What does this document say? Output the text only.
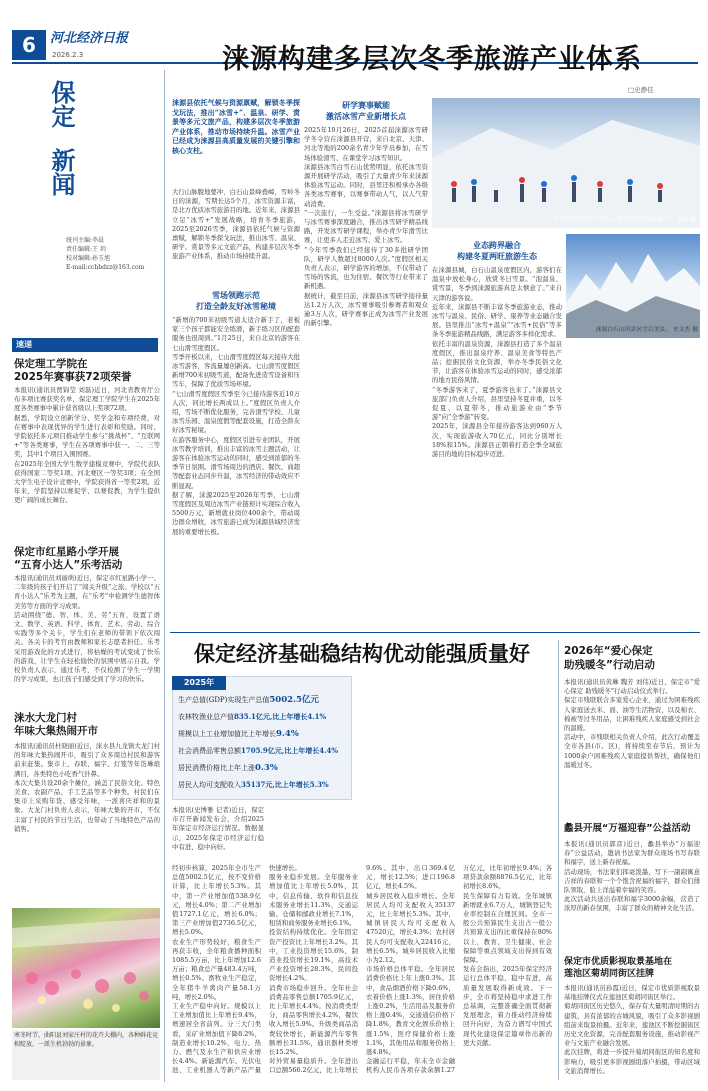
6	河北经济日报
2026.2.3
保定
新闻
统刊主编:李晨
责任编辑:王 玥
校对编辑:孙玉旭
E-mail:cchbdzz@163.com
速递
保定理工学院在
2025年赛事获72项荣誉
本报讯(通讯员贾锦莹 刘磊)近日，河北省教育厅公布多项比赛获奖名单，保定理工学院学生在2025年度各类赛事中累计获省级以上奖项72项。
据悉，学院设立创新学分、奖学金和专项经费，对在赛事中表现优异的学生进行表彰和奖励。同时，学院依托多元项目推动学生参与“挑战杯”、“互联网+”等各类赛事，学生在各项赛事中获一、二、三等奖，其中1个项目入围国赛。
在2025年全国大学生数学建模竞赛中，学院代表队获得国家二等奖1项、河北赛区一等奖3项；在全国大学生电子设计竞赛中，学院获得省一等奖2项。近年来，学院坚持以赛促学、以赛促教，为学生提供更广阔的成长舞台。
保定市红星路小学开展
“五育小达人”乐考活动
本报讯(通讯员刘丽萌)近日，保定市红星路小学一、二年级的孩子们开启了“闯关升级”之旅。学校以“五育小达人”乐考为主题，在“乐考”中检测学生德智体美劳等方面的学习成果。
活动围绕“德、智、体、美、劳”五育，设置了语文、数学、英语、科学、体育、艺术、劳动、综合实践等多个关卡，学生们在老师的带领下依次闯关。各关卡的考官由教师和家长志愿者担任。乐考采用游戏化的方式进行，将枯燥的考试变成了快乐的游戏，让学生在轻松愉快的氛围中展示自我。学校负责人表示，通过乐考，不仅检测了学生一学期的学习成果，也让孩子们感受到了学习的快乐。
涞水大龙门村
年味大集热闹开市
本报讯(通讯员杜晓丽)近日，涞水县九龙镇大龙门村的年味大集热闹开市，吸引了众多周边村民和游客前来赶集。集市上，春联、福字、灯笼等年货琳琅满目，各类特色小吃香气扑鼻。
本次大集共设20余个摊位，涵盖了民俗文化、特色美食、农副产品、手工艺品等多个种类。村民们在集市上采购年货、感受年味，一派喜庆祥和的景象。大龙门村负责人表示，年味大集的开市，不仅丰富了村民的节日生活，也带动了当地特色产品的销售。
寒冬时节，曲阳县刘家庄村的花卉大棚内，各种鲜花竞相绽放，一派生机勃勃的景象。
涞源构建多层次冬季旅游产业体系
□史静佳
涞源县依托气候与资源禀赋，解锁冬季探戈玩法，推出“冰雪+”、温泉、研学、赏景等多元文旅产品，构建多层次冬季旅游产业体系，推动市场持续升温。冰雪产业已经成为涞源县高质量发展的关键引擎和核心支柱。
大行山脉腹地要冲，白石山景峰叠嶂，雪岭冬日的涞源，雪期长达5个月，冰雪资源丰富，是北方优质冰雪旅游目的地。近年来，涞源县立足“冰雪+”发展战略，培育冬季旅游，2025至2026雪季，涞源县依托气候与资源禀赋，解锁冬季探戈玩法，推出冰雪、温泉、研学、赏景等多元文旅产品，构建多层次冬季旅游产业体系，推动市场持续升温。
雪场领跑示范
打造全龄友好冰雪秘境
“新增的700米初级雪道太适合新手了，老板家三个孩子都能安全练滑，新手练习区的配套服务也很周到。”1月25日，来自北京的游客在七山滑雪度假区。
雪季开板以来，七山滑雪度假区每天接待大批冰雪游客，客流量屡创新高。七山滑雪度假区新增700米初级雪道，配备先进造雪设备和压雪车，保障了优质雪场环境。
“七山滑雪度假区雪季至今已接待游客近10万人次，同比增长两成以上。”度假区负责人介绍，雪场不断优化服务，完善滑雪学校、儿童冰雪乐园、温泉度假等配套设施，打造全龄友好冰雪秘境。
在游客服务中心，度假区引进专业团队，开展冰雪教学培训，推出丰富的冰雪主题活动，让游客在体验冰雪运动的同时，感受到浓郁的冬季节日氛围。滑雪场周边的酒店、餐饮、商超等配套业态同步升温，冰雪经济的带动效应不断显现。
据了解，涞源2025至2026年雪季，七山滑雪度假区及周边冰雪产业链预计实现综合收入5500万元，新增就业岗位400余个，带动周边群众增收，冰雪旅游已成为涞源县域经济发展的重要增长极。
研学赛事赋能
激活冰雪产业新增长点
2025年10月26日，2025首届涞源冰雪研学冬令营在涞源县开营，来自北京、天津、河北等地的200余名青少年学员参加，在雪场体验滑雪、在课堂学习冰雪知识。
涞源县冰雪白雪石山优势明显，依托冰雪资源开展研学活动，吸引了大量青少年来涞源体验冰雪运动。同时，县里还积极承办各级各类冰雪赛事，以赛事带动人气，以人气带动消费。
“一次旅行，一生受益。”涞源县将冰雪研学与冰雪赛事深度融合，推出冰雪研学精品线路，开发冰雪研学课程，举办青少年滑雪比赛，让更多人走近冰雪、爱上冰雪。
“今年雪季我们已经接待了30多批研学团队，研学人数超过8000人次。”度假区相关负责人表示，研学游客的增加，不仅带动了雪场的客流，也为住宿、餐饮等行业带来了新机遇。
据统计，截至目前，涞源县冰雪研学接待量达1.2万人次，冰雪赛事吸引参赛者和观众逾3万人次，研学赛事正成为冰雪产业发展的新引擎。
冰雪研学营的学员在七山滑雪度假区体验滑雪。 郝连 摄
业态跨界融合
构建冬夏两旺旅游生态
在涞源县城，白石山温泉度假区内，游客们在温泉中放松身心，欣赏冬日雪景。“泡温泉、赏雪景，冬季到涞源旅游真是太惬意了。”来自天津的游客说。
近年来，涞源县不断丰富冬季旅游业态，推动冰雪与温泉、民俗、研学、康养等业态融合发展。县里推出“冰雪+温泉”“冰雪+民俗”等多条冬季旅游精品线路，满足游客多样化需求。
依托丰富的温泉资源，涞源县打造了多个温泉度假区，推出温泉疗养、温泉美食等特色产品；挖掘民俗文化资源，举办冬季民俗文化节，让游客在体验冰雪运动的同时，感受浓郁的地方民俗风情。
“冬季游客来了，夏季游客也来了。”涞源县文旅部门负责人介绍，县里坚持冬夏并重，以冬促夏、以夏带冬，推动旅游业由“季节游”向“全季游”转变。
2025年，涞源县全年接待游客达到960万人次，实现旅游收入70亿元，同比分别增长18%和15%。涞源县正朝着打造全季全域旅游目的地的目标稳步迈进。
涞源白石山风景区雪后美景。 史文杰 摄
保定经济基础稳结构优动能强质量好
2025年
生产总值(GDP)实现生产总值5002.5亿元
农林牧渔业总产值835.1亿元,比上年增长4.1%
规模以上工业增加值比上年增长9.4%
社会消费品零售总额1705.9亿元,比上年增长4.4%
居民消费价格比上年上涨0.3%
居民人均可支配收入35137元,比上年增长5.3%
本报讯(史博雅 记者)近日，保定市召开新闻发布会，介绍2025年保定市经济运行情况。数据显示，2025年保定市经济运行稳中有进、稳中向好。
经初步核算，2025年全市生产总值5002.5亿元，按不变价格计算，比上年增长5.3%。其中，第一产业增加值538.9亿元，增长4.0%；第二产业增加值1727.1亿元，增长6.0%；第三产业增加值2736.5亿元，增长5.0%。
农业生产形势较好，粮食生产再获丰收，全年粮食播种面积1085.5万亩，比上年增加12.6万亩；粮食总产量483.4万吨，增长0.5%。畜牧业生产稳定，全年猪牛羊禽肉产量58.1万吨，增长2.0%。
工业生产稳中向好。规模以上工业增加值比上年增长9.4%，增速居全省前列。分三大门类看，采矿业增加值下降8.2%，制造业增长10.2%，电力、热力、燃气及水生产和供应业增长4.4%。新能源汽车、光伏电池、工业机器人等新产品产量快速增长。
服务业稳步发展。全年服务业增加值比上年增长5.0%，其中，信息传输、软件和信息技术服务业增长11.3%，交通运输、仓储和邮政业增长7.1%，租赁和商务服务业增长6.1%。
投资结构持续优化。全年固定资产投资比上年增长3.2%。其中，工业投资增长15.6%，制造业投资增长19.1%，高技术产业投资增长28.3%，民间投资增长4.2%。
消费市场稳步回升。全年社会消费品零售总额1705.9亿元，比上年增长4.4%。按消费类型分，商品零售增长4.2%，餐饮收入增长5.9%。升级类商品消费较快增长，新能源汽车零售额增长31.5%，通讯器材类增长15.2%。
对外贸易量稳质升。全年进出口总额566.2亿元，比上年增长9.6%。其中，出口369.4亿元，增长12.5%；进口196.8亿元，增长4.5%。
城乡居民收入稳步增长。全年居民人均可支配收入35137元，比上年增长5.3%。其中，城镇居民人均可支配收入47520元，增长4.3%；农村居民人均可支配收入22416元，增长6.5%。城乡居民收入比缩小为2.12。
市场价格总体平稳。全年居民消费价格比上年上涨0.3%。其中，食品烟酒价格下降0.6%，衣着价格上涨1.3%，居住价格上涨0.2%，生活用品及服务价格上涨0.4%，交通通信价格下降1.8%，教育文化娱乐价格上涨1.5%，医疗保健价格上涨1.1%，其他用品和服务价格上涨4.8%。
金融运行平稳，年末全市金融机构人民币各项存款余额1.27万亿元，比年初增长9.4%；各项贷款余额8876.5亿元，比年初增长8.6%。
民生保障有力有效。全年城镇新增就业6.7万人，城镇登记失业率控制在合理区间。全市一般公共预算民生支出占一般公共预算支出的比重保持在80%以上，教育、卫生健康、社会保障等重点领域支出得到有效保障。
发布会指出，2025年保定经济运行总体平稳、稳中有进，高质量发展取得新成效。下一步，全市将坚持稳中求进工作总基调，完整准确全面贯彻新发展理念，着力推动经济持续回升向好，为奋力谱写中国式现代化建设保定篇章作出新的更大贡献。
2026年“爱心保定
助残暖冬”行动启动
本报讯(通讯员黄琳 魏芳 刘伟)近日，保定市“爱心保定 助残暖冬”行动启动仪式举行。
保定市残联联合多家爱心企业，通过为困难残疾人家庭送去米、面、油等生活物资，以及棉衣、棉被等过冬用品，让困难残疾人家庭感受到社会的温暖。
活动中，市残联相关负责人介绍，此次行动覆盖全市各县(市、区)，将持续至春节后，预计为1000余户困难残疾人家庭提供帮扶，确保他们温暖过冬。
蠡县开展“万福迎春”公益活动
本报讯(通讯员郭彦)近日，蠡县举办“万福迎春”公益活动，邀请书法家为群众现场书写春联和福字，送上新春祝福。
活动现场，书法家们挥毫泼墨，写下一副副寓意吉祥的春联和一个个饱含祝福的福字，群众们排队领取，脸上洋溢着幸福的笑容。
此次活动共送出春联和福字3000余幅，营造了浓厚的新春氛围，丰富了群众的精神文化生活。
保定市优质影视取景基地在
莲池区菊胡同街区挂牌
本报讯(通讯员孙霞)近日，保定市优质影视取景基地挂牌仪式在莲池区菊胡同街区举行。
菊胡同街区历史悠久，保存有大量明清时期的古建筑，具有浓郁的古城风貌，吸引了众多影视剧组前来取景拍摄。近年来，莲池区不断挖掘街区历史文化资源，完善配套服务设施，推动影视产业与文旅产业融合发展。
此次挂牌，将进一步提升菊胡同街区的知名度和影响力，吸引更多影视剧组落户拍摄，带动区域文旅消费增长。
